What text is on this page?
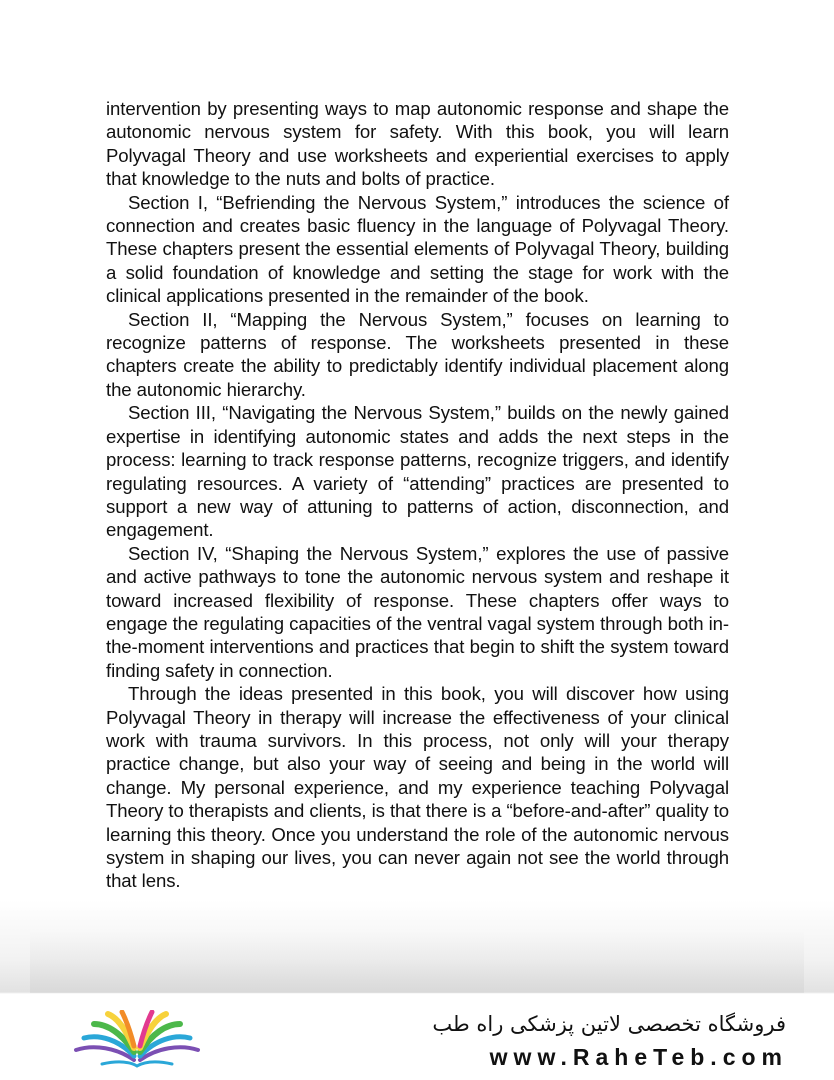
intervention by presenting ways to map autonomic response and shape the autonomic nervous system for safety. With this book, you will learn Polyvagal Theory and use worksheets and experiential exercises to apply that knowledge to the nuts and bolts of practice.

Section I, “Befriending the Nervous System,” introduces the science of connection and creates basic fluency in the language of Polyvagal Theory. These chapters present the essential elements of Polyvagal Theory, building a solid foundation of knowledge and setting the stage for work with the clinical applications presented in the remainder of the book.

Section II, “Mapping the Nervous System,” focuses on learning to recognize patterns of response. The worksheets presented in these chapters create the ability to predictably identify individual placement along the autonomic hierarchy.

Section III, “Navigating the Nervous System,” builds on the newly gained expertise in identifying autonomic states and adds the next steps in the process: learning to track response patterns, recognize triggers, and identify regulating resources. A variety of “attending” practices are presented to support a new way of attuning to patterns of action, disconnection, and engagement.

Section IV, “Shaping the Nervous System,” explores the use of passive and active pathways to tone the autonomic nervous system and reshape it toward increased flexibility of response. These chapters offer ways to engage the regulating capacities of the ventral vagal system through both in-the-moment interventions and practices that begin to shift the system toward finding safety in connection.

Through the ideas presented in this book, you will discover how using Polyvagal Theory in therapy will increase the effectiveness of your clinical work with trauma survivors. In this process, not only will your therapy practice change, but also your way of seeing and being in the world will change. My personal experience, and my experience teaching Polyvagal Theory to therapists and clients, is that there is a “before-and-after” quality to learning this theory. Once you understand the role of the autonomic nervous system in shaping our lives, you can never again not see the world through that lens.

فروشگاه تخصصی لاتین پزشکی راه طب
www.RaheTeb.com
